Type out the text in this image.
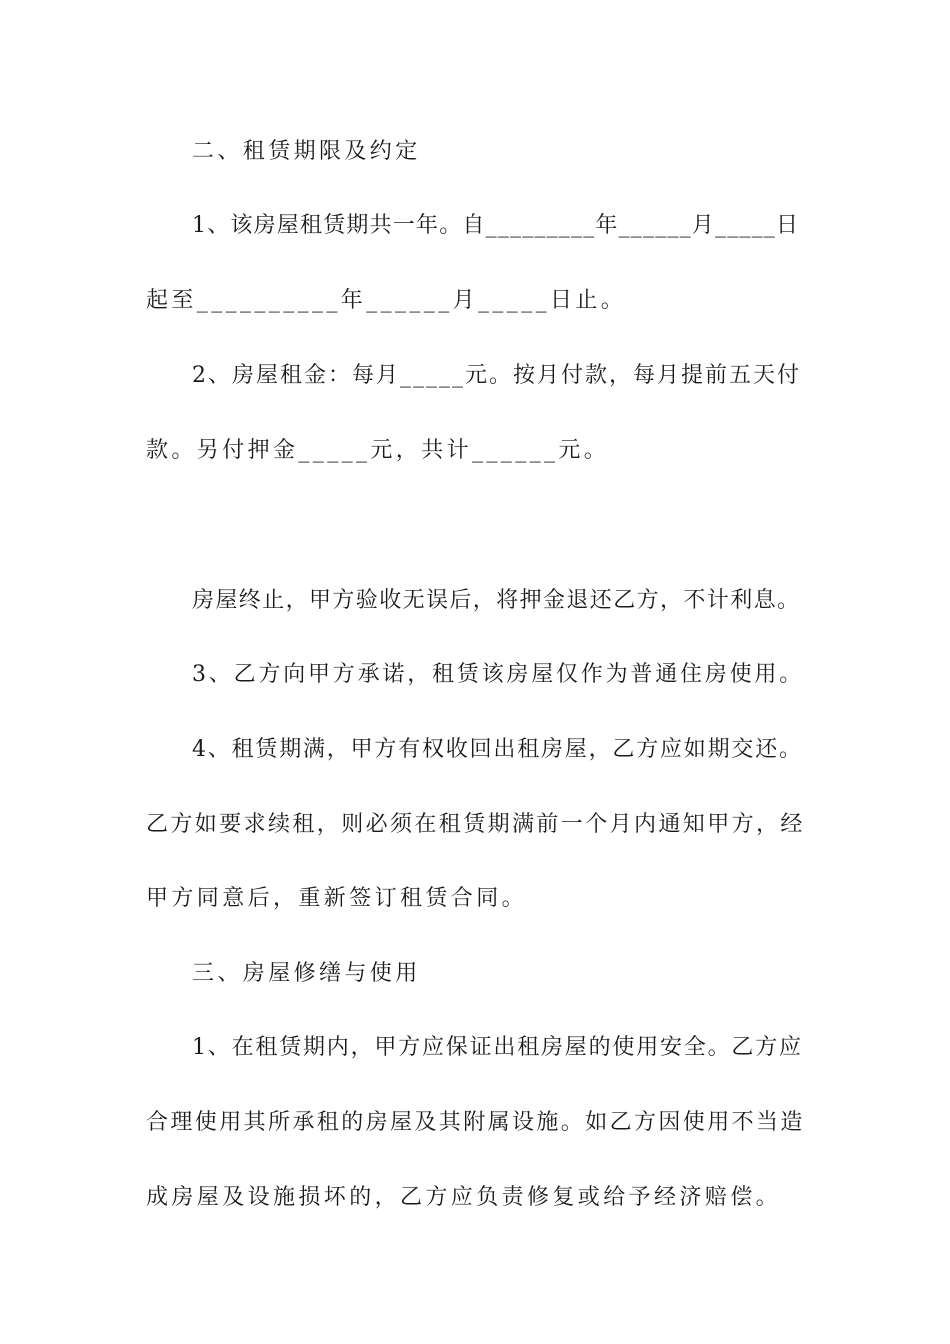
二、租赁期限及约定
1、该房屋租赁期共一年。自_________年______月_____日
起至__________年______月_____日止。
2、房屋租金：每月_____元。按月付款，每月提前五天付
款。另付押金_____元，共计______元。
房屋终止，甲方验收无误后，将押金退还乙方，不计利息。
3、乙方向甲方承诺，租赁该房屋仅作为普通住房使用。
4、租赁期满，甲方有权收回出租房屋，乙方应如期交还。
乙方如要求续租，则必须在租赁期满前一个月内通知甲方，经
甲方同意后，重新签订租赁合同。
三、房屋修缮与使用
1、在租赁期内，甲方应保证出租房屋的使用安全。乙方应
合理使用其所承租的房屋及其附属设施。如乙方因使用不当造
成房屋及设施损坏的，乙方应负责修复或给予经济赔偿。
